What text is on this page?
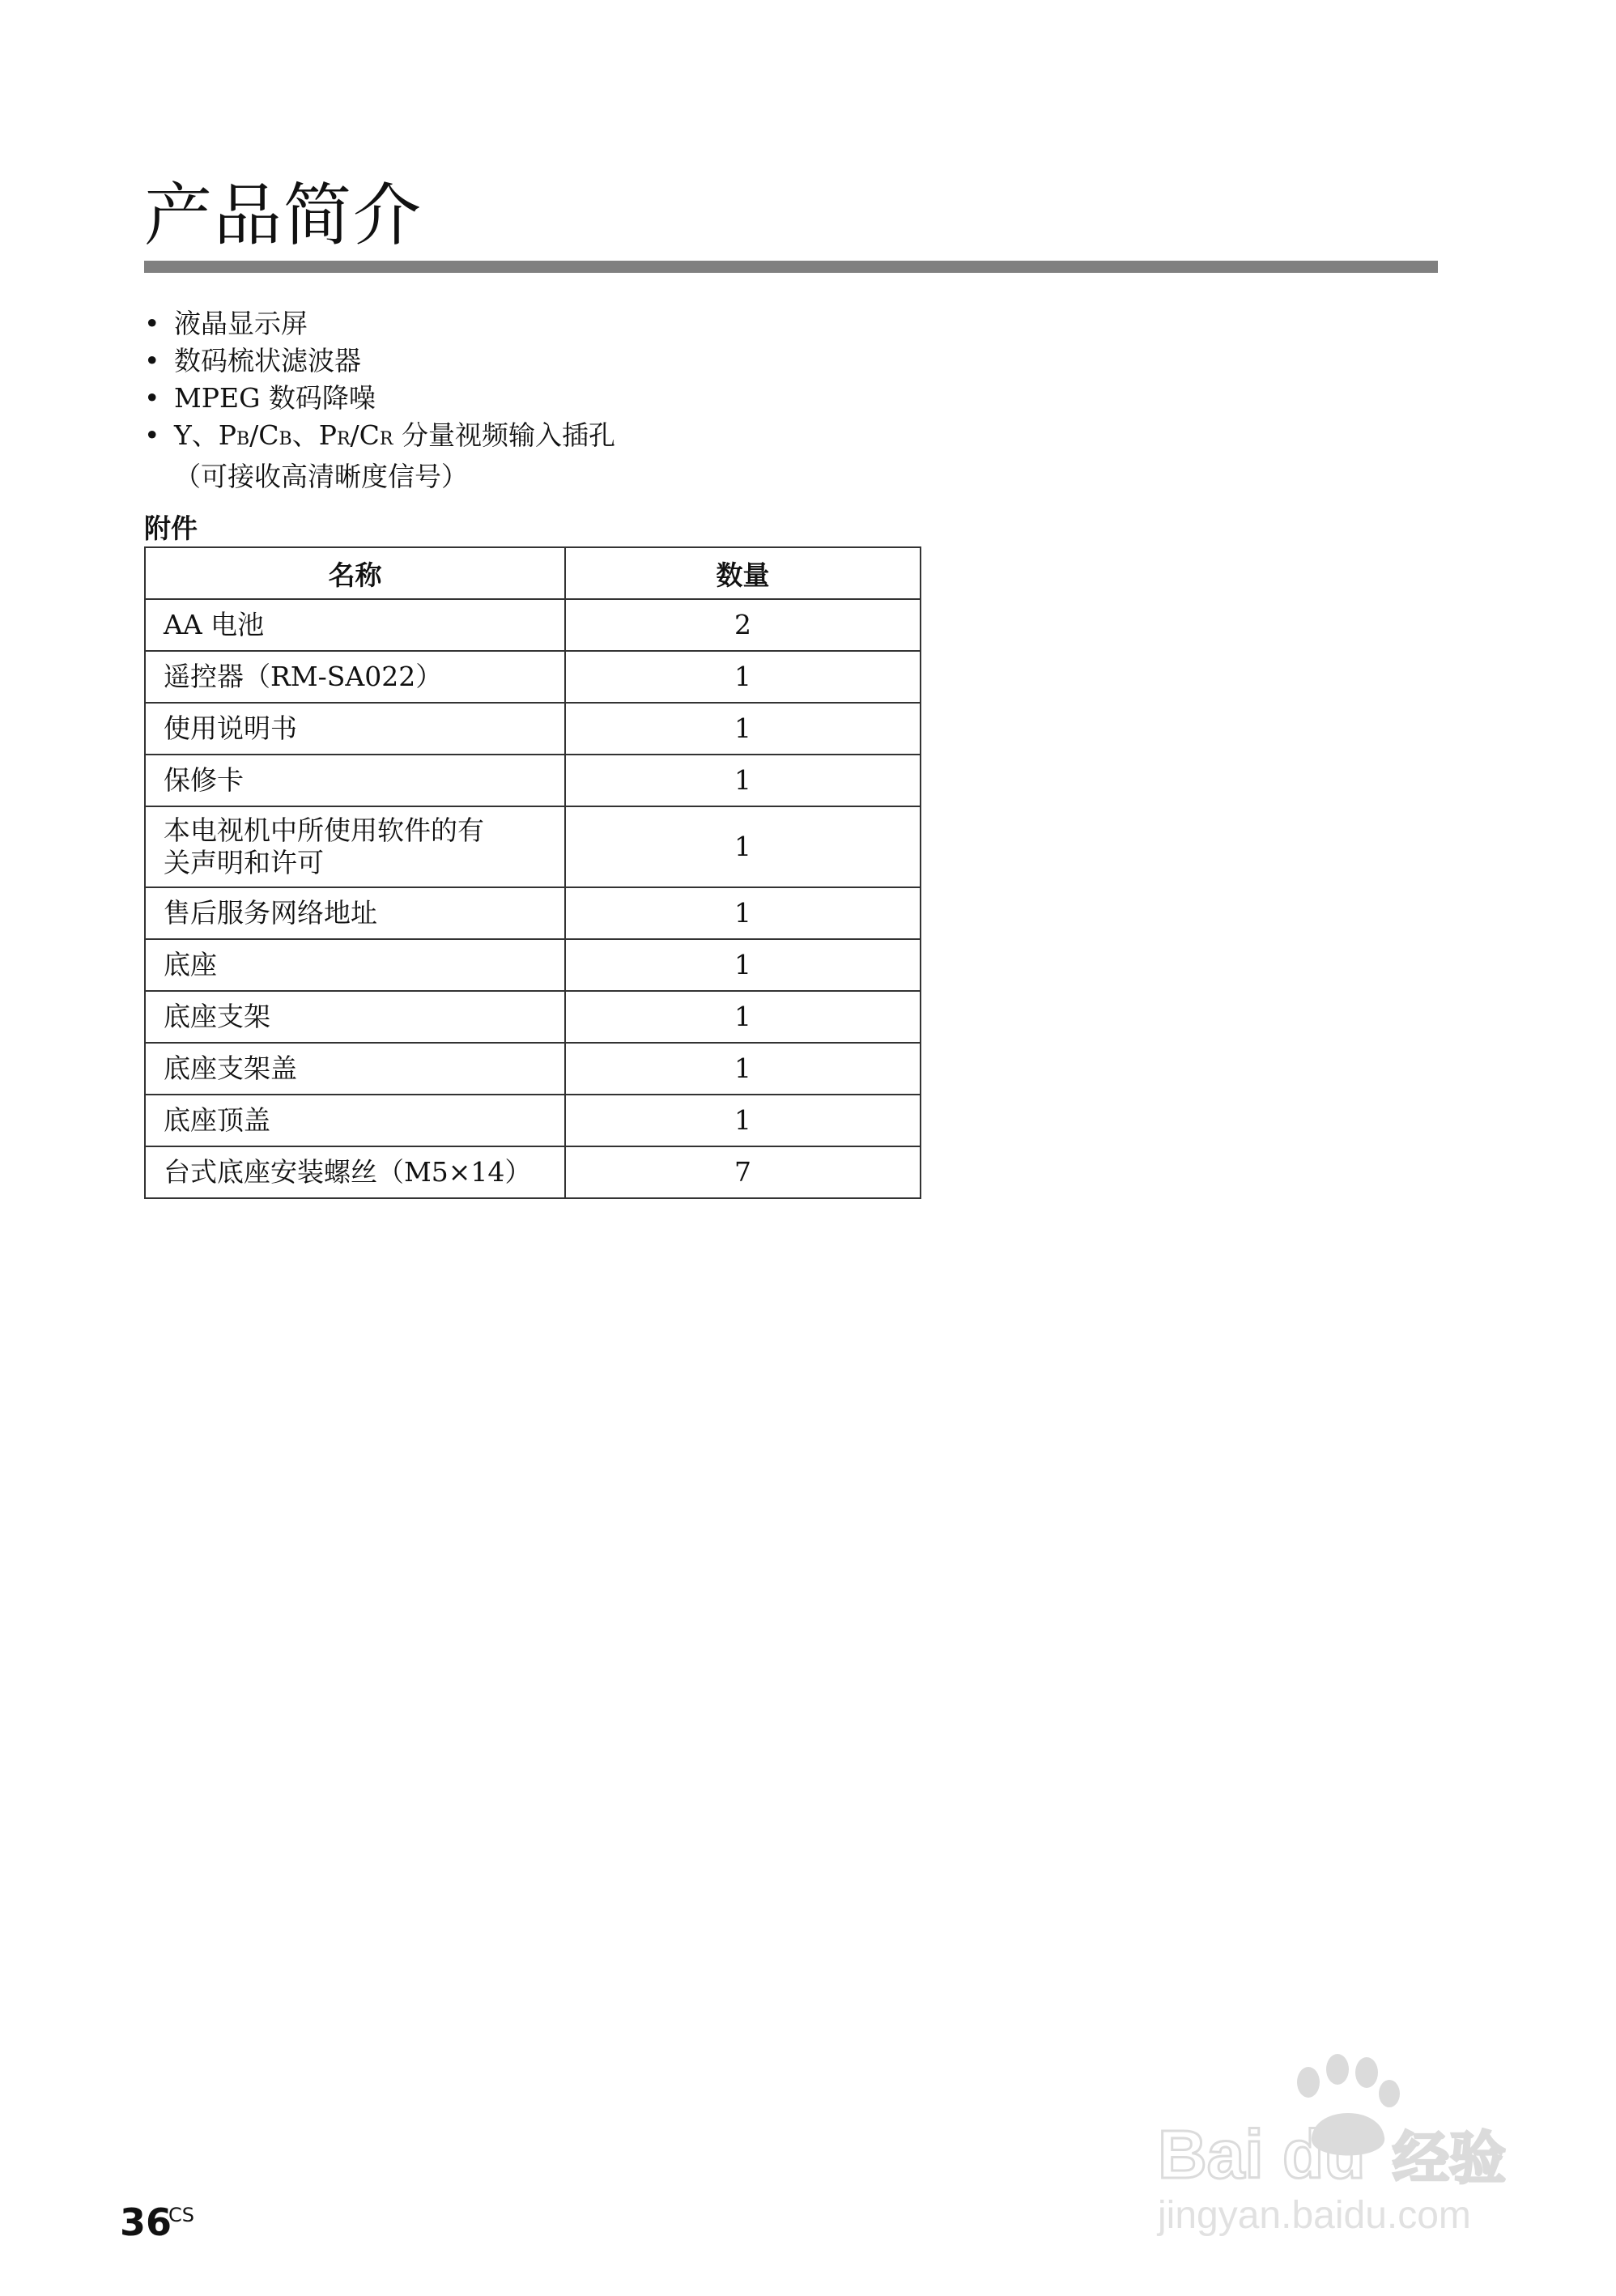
产品简介
• 液晶显示屏
• 数码梳状滤波器
• MPEG 数码降噪
• Y、PB/CB、PR/CR 分量视频输入插孔
（可接收高清晰度信号）
附件
名称	数量
AA 电池	2
遥控器（RM-SA022）	1
使用说明书	1
保修卡	1
本电视机中所使用软件的有
关声明和许可	1
售后服务网络地址	1
底座	1
底座支架	1
底座支架盖	1
底座顶盖	1
台式底座安装螺丝（M5×14）	7
Bai du 经验
jingyan.baidu.com
36
CS
